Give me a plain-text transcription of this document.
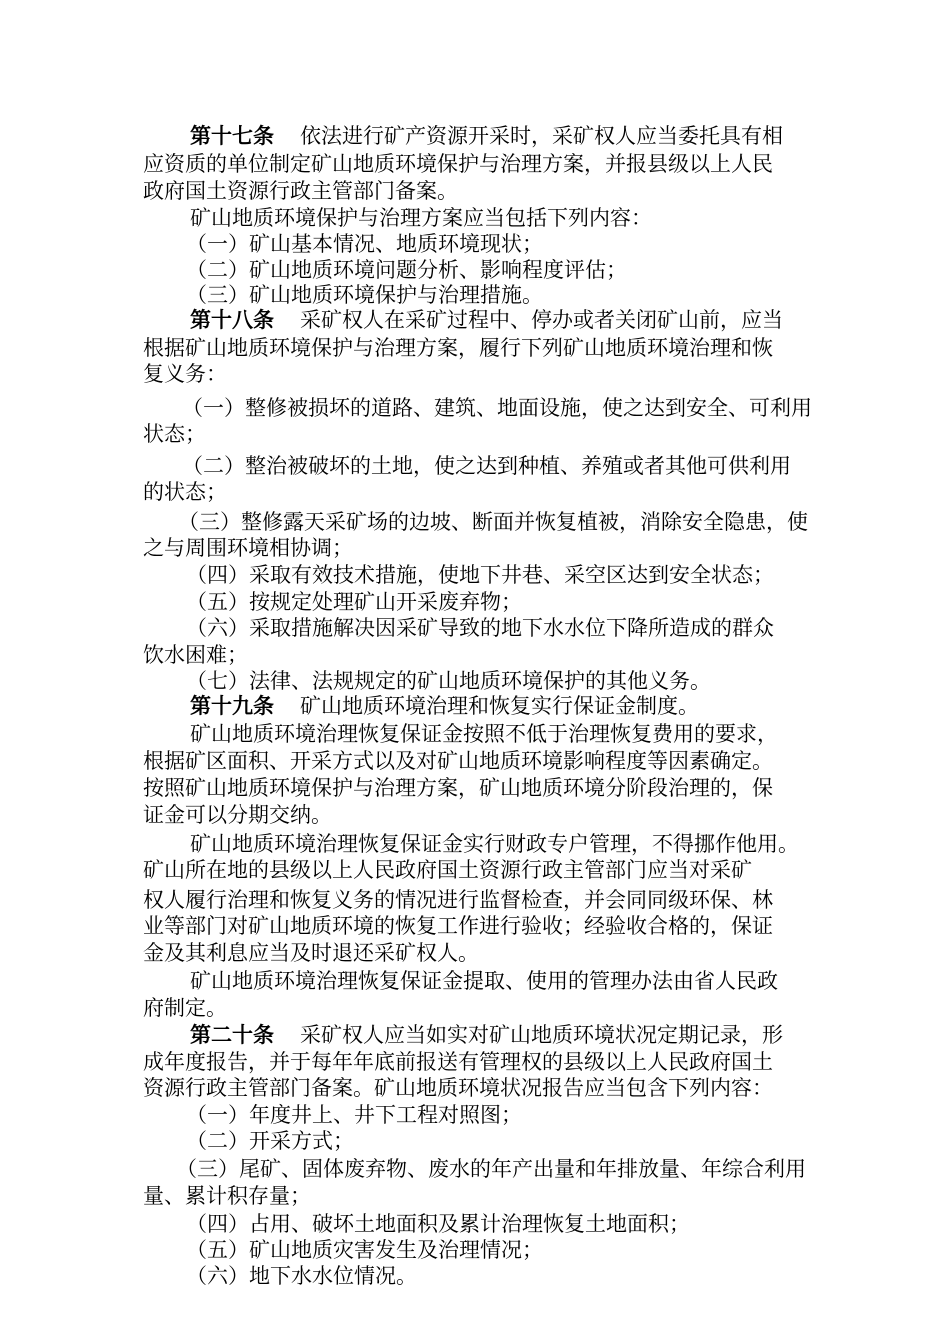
第十七条 依法进行矿产资源开采时，采矿权人应当委托具有相
应资质的单位制定矿山地质环境保护与治理方案，并报县级以上人民
政府国土资源行政主管部门备案。
矿山地质环境保护与治理方案应当包括下列内容：
（一）矿山基本情况、地质环境现状；
（二）矿山地质环境问题分析、影响程度评估；
（三）矿山地质环境保护与治理措施。
第十八条 采矿权人在采矿过程中、停办或者关闭矿山前，应当
根据矿山地质环境保护与治理方案，履行下列矿山地质环境治理和恢
复义务：
（一）整修被损坏的道路、建筑、地面设施，使之达到安全、可利用
状态；
（二）整治被破坏的土地，使之达到种植、养殖或者其他可供利用
的状态；
（三）整修露天采矿场的边坡、断面并恢复植被，消除安全隐患，使
之与周围环境相协调；
（四）采取有效技术措施，使地下井巷、采空区达到安全状态；
（五）按规定处理矿山开采废弃物；
（六）采取措施解决因采矿导致的地下水水位下降所造成的群众
饮水困难；
（七）法律、法规规定的矿山地质环境保护的其他义务。
第十九条 矿山地质环境治理和恢复实行保证金制度。
矿山地质环境治理恢复保证金按照不低于治理恢复费用的要求，
根据矿区面积、开采方式以及对矿山地质环境影响程度等因素确定。
按照矿山地质环境保护与治理方案，矿山地质环境分阶段治理的，保
证金可以分期交纳。
矿山地质环境治理恢复保证金实行财政专户管理，不得挪作他用。
矿山所在地的县级以上人民政府国土资源行政主管部门应当对采矿
权人履行治理和恢复义务的情况进行监督检查，并会同同级环保、林
业等部门对矿山地质环境的恢复工作进行验收；经验收合格的，保证
金及其利息应当及时退还采矿权人。
矿山地质环境治理恢复保证金提取、使用的管理办法由省人民政
府制定。
第二十条 采矿权人应当如实对矿山地质环境状况定期记录，形
成年度报告，并于每年年底前报送有管理权的县级以上人民政府国土
资源行政主管部门备案。矿山地质环境状况报告应当包含下列内容：
（一）年度井上、井下工程对照图；
（二）开采方式；
（三）尾矿、固体废弃物、废水的年产出量和年排放量、年综合利用
量、累计积存量；
（四）占用、破坏土地面积及累计治理恢复土地面积；
（五）矿山地质灾害发生及治理情况；
（六）地下水水位情况。
